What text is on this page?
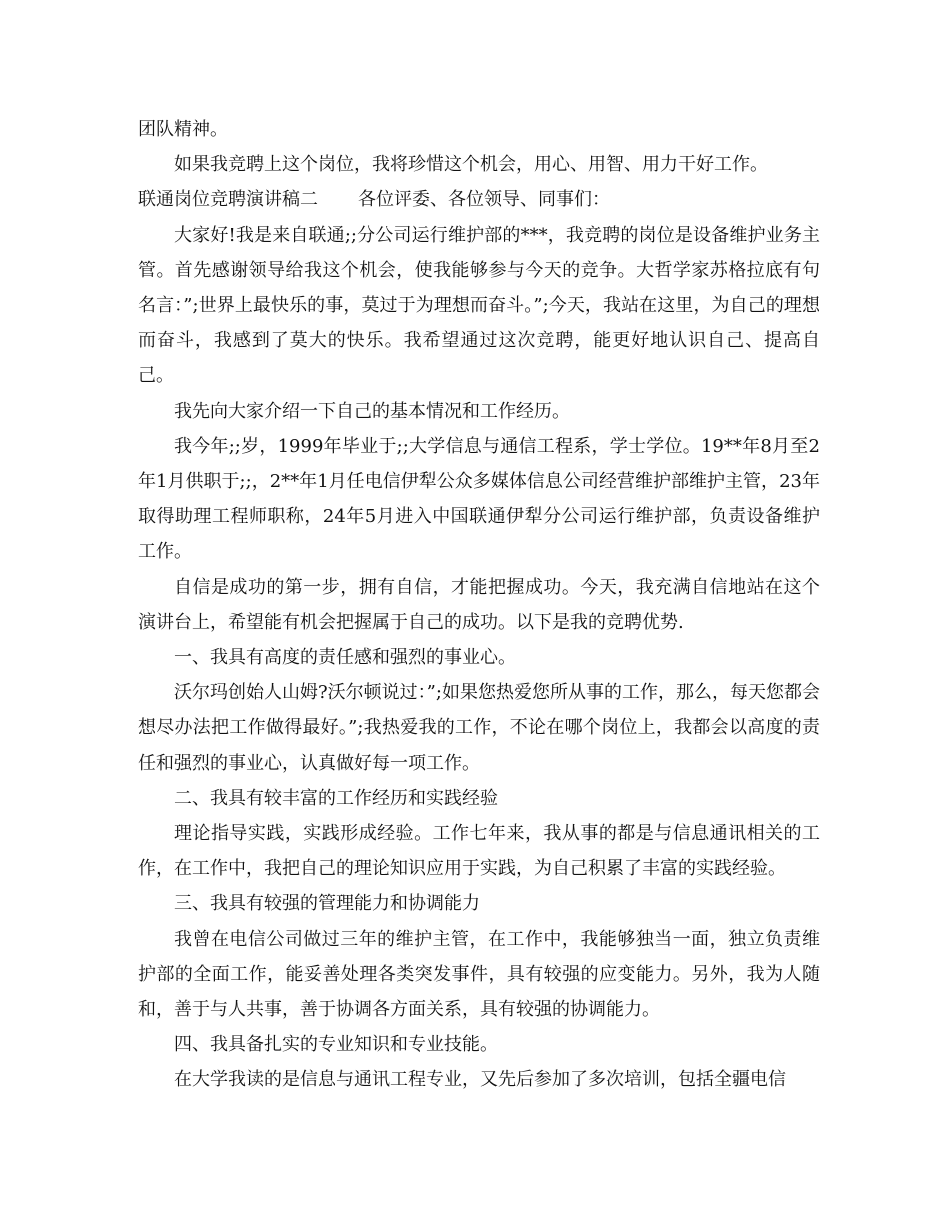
团队精神。

如果我竞聘上这个岗位，我将珍惜这个机会，用心、用智、用力干好工作。

联通岗位竞聘演讲稿二 各位评委、各位领导、同事们：

大家好!我是来自联通;;分公司运行维护部的***，我竞聘的岗位是设备维护业务主管。首先感谢领导给我这个机会，使我能够参与今天的竞争。大哲学家苏格拉底有句名言：”;世界上最快乐的事，莫过于为理想而奋斗。”;今天，我站在这里，为自己的理想而奋斗，我感到了莫大的快乐。我希望通过这次竞聘，能更好地认识自己、提高自己。

我先向大家介绍一下自己的基本情况和工作经历。

我今年;;岁，1999年毕业于;;大学信息与通信工程系，学士学位。19**年8月至2年1月供职于;;，2**年1月任电信伊犁公众多媒体信息公司经营维护部维护主管，23年取得助理工程师职称，24年5月进入中国联通伊犁分公司运行维护部，负责设备维护工作。

自信是成功的第一步，拥有自信，才能把握成功。今天，我充满自信地站在这个演讲台上，希望能有机会把握属于自己的成功。以下是我的竞聘优势.

一、我具有高度的责任感和强烈的事业心。

沃尔玛创始人山姆?沃尔顿说过：”;如果您热爱您所从事的工作，那么，每天您都会想尽办法把工作做得最好。”;我热爱我的工作，不论在哪个岗位上，我都会以高度的责任和强烈的事业心，认真做好每一项工作。

二、我具有较丰富的工作经历和实践经验

理论指导实践，实践形成经验。工作七年来，我从事的都是与信息通讯相关的工作，在工作中，我把自己的理论知识应用于实践，为自己积累了丰富的实践经验。

三、我具有较强的管理能力和协调能力

我曾在电信公司做过三年的维护主管，在工作中，我能够独当一面，独立负责维护部的全面工作，能妥善处理各类突发事件，具有较强的应变能力。另外，我为人随和，善于与人共事，善于协调各方面关系，具有较强的协调能力。

四、我具备扎实的专业知识和专业技能。

在大学我读的是信息与通讯工程专业，又先后参加了多次培训，包括全疆电信
